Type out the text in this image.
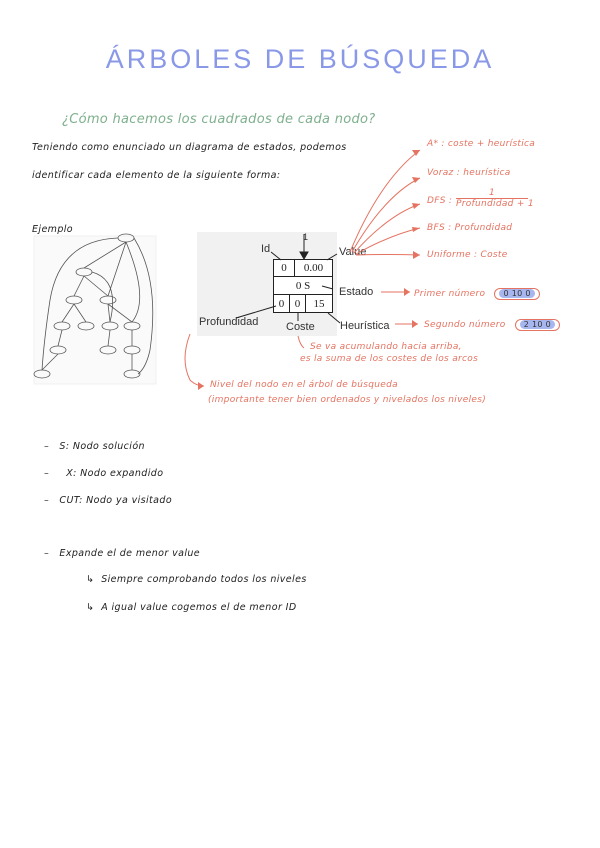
ÁRBOLES DE BÚSQUEDA
¿Cómo hacemos los cuadrados de cada nodo?
Teniendo como enunciado un diagrama de estados, podemos
identificar cada elemento de la siguiente forma:
Ejemplo
Id
1
Value
Estado
Profundidad	Coste Heurística
0	0.00
0 S
0 0	15
A* : coste + heurística
Voraz : heurística
DFS :
1
Profundidad + 1
BFS : Profundidad
Uniforme : Coste
Primer número 0 10 0
Segundo número 2 10 0
Se va acumulando hacia arriba,
es la suma de los costes de los arcos
Nivel del nodo en el árbol de búsqueda
(importante tener bien ordenados y nivelados los niveles)
–   S: Nodo solución
–     X: Nodo expandido
–   CUT: Nodo ya visitado
–   Expande el de menor value
↳  Siempre comprobando todos los niveles
↳  A igual value cogemos el de menor ID
